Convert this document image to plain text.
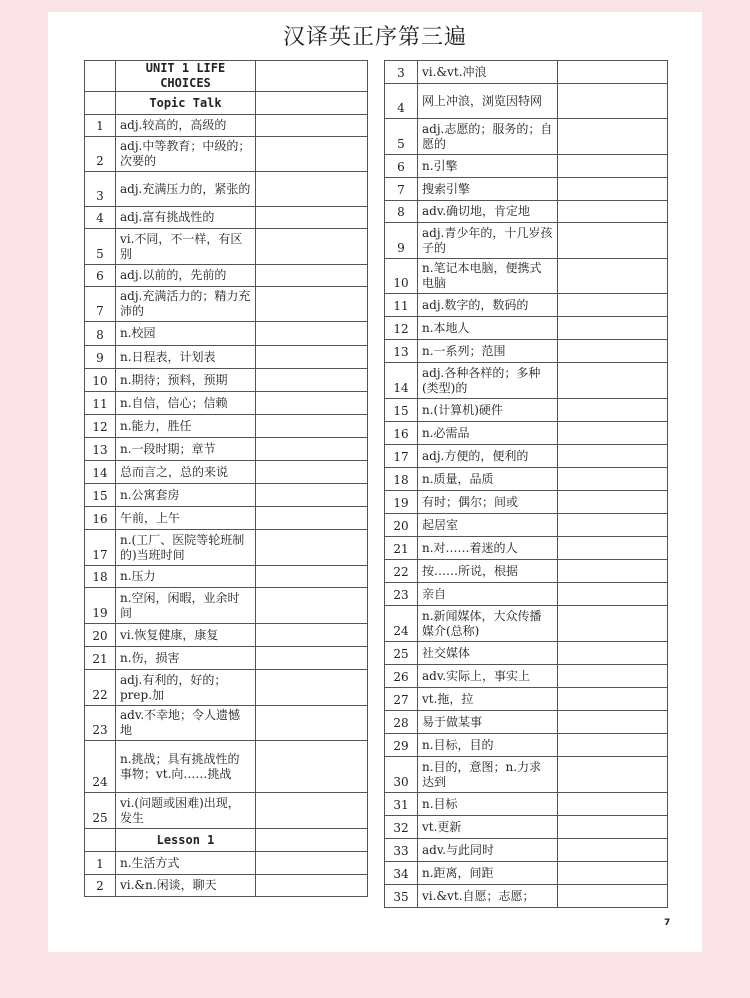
汉译英正序第三遍
	UNIT 1 LIFE CHOICES	
	Topic Talk	
1	adj.较高的，高级的	
2	adj.中等教育；中级的；次要的	
3	adj.充满压力的，紧张的	
4	adj.富有挑战性的	
5	vi.不同，不一样，有区别	
6	adj.以前的，先前的	
7	adj.充满活力的；精力充沛的	
8	n.校园	
9	n.日程表，计划表	
10	n.期待；预料，预期	
11	n.自信，信心；信赖	
12	n.能力，胜任	
13	n.一段时期；章节	
14	总而言之，总的来说	
15	n.公寓套房	
16	午前，上午	
17	n.(工厂、医院等轮班制的)当班时间	
18	n.压力	
19	n.空闲，闲暇，业余时间	
20	vi.恢复健康，康复	
21	n.伤，损害	
22	adj.有利的，好的；prep.加	
23	adv.不幸地；令人遗憾地	
24	n.挑战；具有挑战性的事物；vt.向……挑战	
25	vi.(问题或困难)出现，发生	
	Lesson 1	
1	n.生活方式	
2	vi.&n.闲谈，聊天	
3	vi.&vt.冲浪	
4	网上冲浪，浏览因特网	
5	adj.志愿的；服务的；自愿的	
6	n.引擎	
7	搜索引擎	
8	adv.确切地，肯定地	
9	adj.青少年的，十几岁孩子的	
10	n.笔记本电脑，便携式电脑	
11	adj.数字的，数码的	
12	n.本地人	
13	n.一系列；范围	
14	adj.各种各样的；多种(类型)的	
15	n.(计算机)硬件	
16	n.必需品	
17	adj.方便的，便利的	
18	n.质量，品质	
19	有时；偶尔；间或	
20	起居室	
21	n.对……着迷的人	
22	按……所说，根据	
23	亲自	
24	n.新闻媒体，大众传播媒介(总称)	
25	社交媒体	
26	adv.实际上，事实上	
27	vt.拖，拉	
28	易于做某事	
29	n.目标，目的	
30	n.目的，意图；n.力求达到	
31	n.目标	
32	vt.更新	
33	adv.与此同时	
34	n.距离，间距	
35	vi.&vt.自愿；志愿；	
7
